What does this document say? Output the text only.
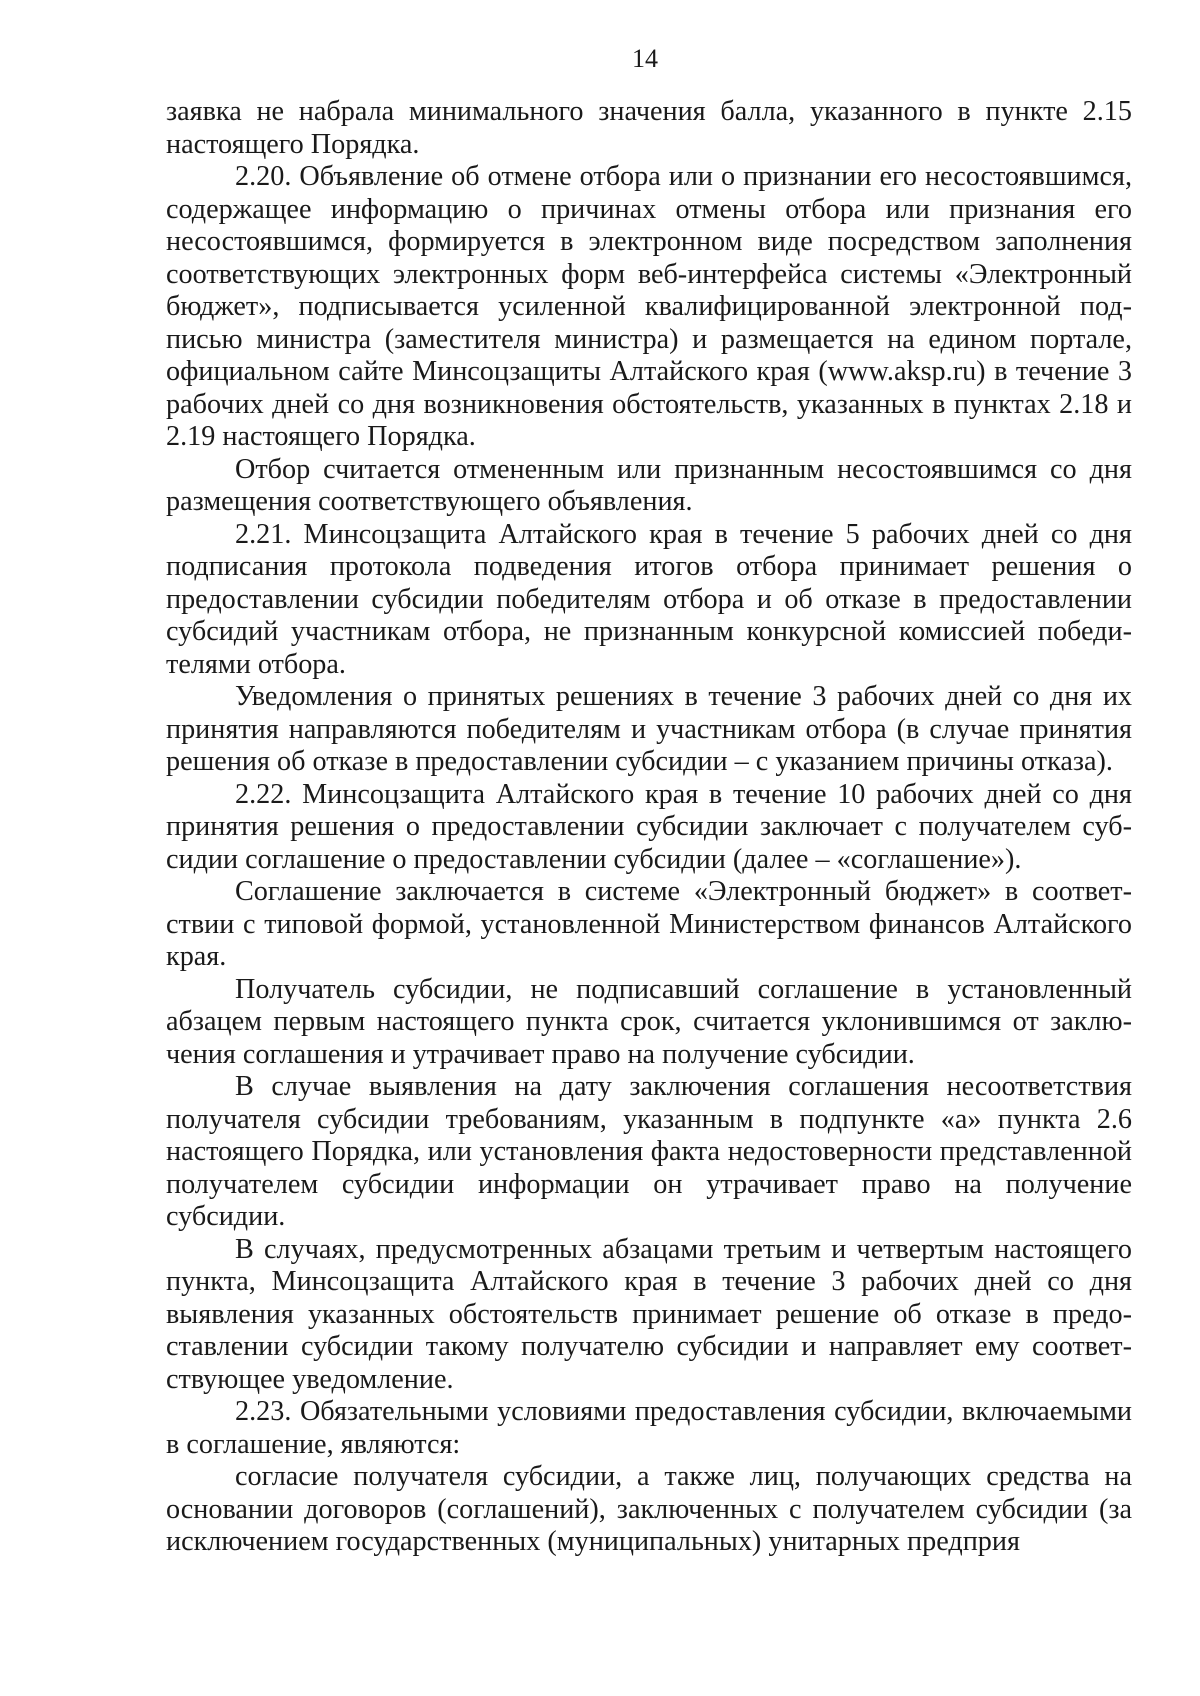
14

заявка не набрала минимального значения балла, указанного в пункте 2.15 настоящего Порядка.

2.20. Объявление об отмене отбора или о признании его несостоявшимся, содержащее информацию о причинах отмены отбора или признания его несостоявшимся, формируется в электронном виде посредством заполнения соответствующих электронных форм веб-интерфейса системы «Электронный бюджет», подписывается усиленной квалифицированной электронной подписью министра (заместителя министра) и размещается на едином портале, официальном сайте Минсоцзащиты Алтайского края (www.aksp.ru) в течение 3 рабочих дней со дня возникновения обстоятельств, указанных в пунктах 2.18 и 2.19 настоящего Порядка.

Отбор считается отмененным или признанным несостоявшимся со дня размещения соответствующего объявления.

2.21. Минсоцзащита Алтайского края в течение 5 рабочих дней со дня подписания протокола подведения итогов отбора принимает решения о предоставлении субсидии победителям отбора и об отказе в предоставлении субсидий участникам отбора, не признанным конкурсной комиссией победителями отбора.

Уведомления о принятых решениях в течение 3 рабочих дней со дня их принятия направляются победителям и участникам отбора (в случае принятия решения об отказе в предоставлении субсидии – с указанием причины отказа).

2.22. Минсоцзащита Алтайского края в течение 10 рабочих дней со дня принятия решения о предоставлении субсидии заключает с получателем субсидии соглашение о предоставлении субсидии (далее – «соглашение»).

Соглашение заключается в системе «Электронный бюджет» в соответствии с типовой формой, установленной Министерством финансов Алтайского края.

Получатель субсидии, не подписавший соглашение в установленный абзацем первым настоящего пункта срок, считается уклонившимся от заключения соглашения и утрачивает право на получение субсидии.

В случае выявления на дату заключения соглашения несоответствия получателя субсидии требованиям, указанным в подпункте «а» пункта 2.6 настоящего Порядка, или установления факта недостоверности представленной получателем субсидии информации он утрачивает право на получение субсидии.

В случаях, предусмотренных абзацами третьим и четвертым настоящего пункта, Минсоцзащита Алтайского края в течение 3 рабочих дней со дня выявления указанных обстоятельств принимает решение об отказе в предоставлении субсидии такому получателю субсидии и направляет ему соответствующее уведомление.

2.23. Обязательными условиями предоставления субсидии, включаемыми в соглашение, являются:

согласие получателя субсидии, а также лиц, получающих средства на основании договоров (соглашений), заключенных с получателем субсидии (за исключением государственных (муниципальных) унитарных предприя
